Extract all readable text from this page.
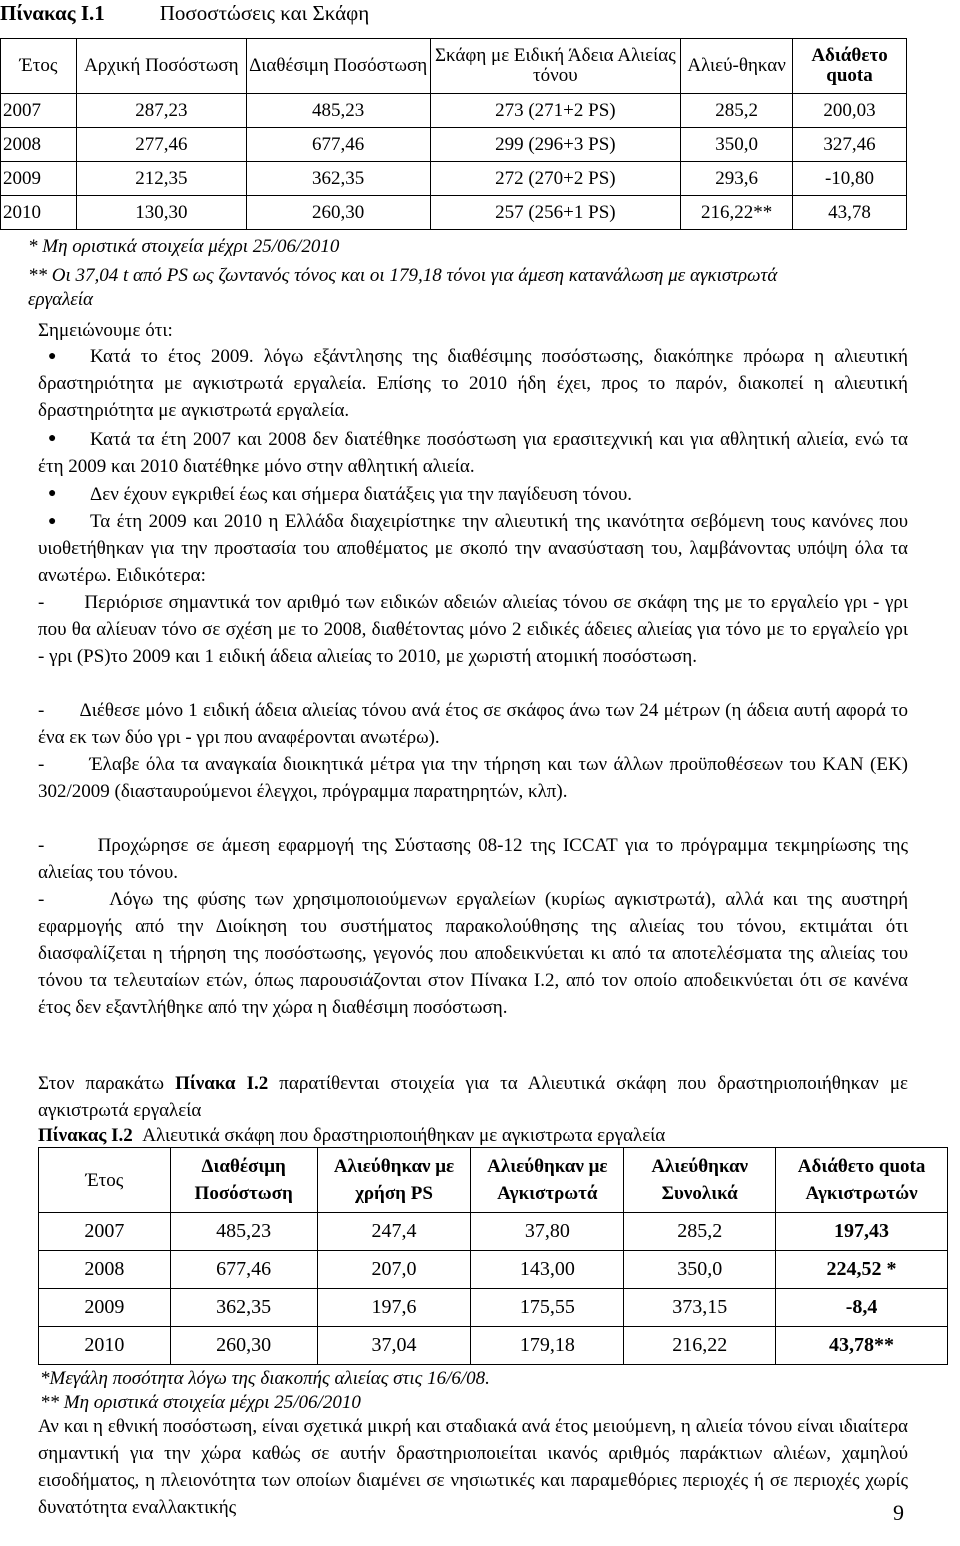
Πίνακας Ι.1	Ποσοστώσεις και Σκάφη
Έτος	Αρχική Ποσόστωση	Διαθέσιμη Ποσόστωση	Σκάφη με Ειδική Άδεια Αλιείας τόνου	Αλιεύ-θηκαν	Αδιάθετο quota
2007	287,23	485,23	273 (271+2 PS)	285,2	200,03
2008	277,46	677,46	299 (296+3 PS)	350,0	327,46
2009	212,35	362,35	272 (270+2 PS)	293,6	-10,80
2010	130,30	260,30	257 (256+1 PS)	216,22**	43,78
* Μη οριστικά στοιχεία μέχρι 25/06/2010
** Οι 37,04 t από PS ως ζωντανός τόνος και οι 179,18 τόνοι για άμεση κατανάλωση με αγκιστρωτά εργαλεία
Σημειώνουμε ότι:
●	Κατά το έτος 2009. λόγω εξάντλησης της διαθέσιμης ποσόστωσης, διακόπηκε πρόωρα η αλιευτική δραστηριότητα με αγκιστρωτά εργαλεία. Επίσης το 2010 ήδη έχει, προς το παρόν, διακοπεί η αλιευτική δραστηριότητα με αγκιστρωτά εργαλεία.
●	Κατά τα έτη 2007 και 2008 δεν διατέθηκε ποσόστωση για ερασιτεχνική και για αθλητική αλιεία, ενώ τα έτη 2009 και 2010 διατέθηκε μόνο στην αθλητική αλιεία.
●	Δεν έχουν εγκριθεί έως και σήμερα διατάξεις για την παγίδευση τόνου.
●	Τα έτη 2009 και 2010 η Ελλάδα διαχειρίστηκε την αλιευτική της ικανότητα σεβόμενη τους κανόνες που υιοθετήθηκαν για την προστασία του αποθέματος με σκοπό την ανασύσταση του, λαμβάνοντας υπόψη όλα τα ανωτέρω. Ειδικότερα:
-       Περιόρισε σημαντικά τον αριθμό των ειδικών αδειών αλιείας τόνου σε σκάφη της με το εργαλείο γρι - γρι που θα αλίευαν τόνο σε σχέση με το 2008, διαθέτοντας μόνο 2 ειδικές άδειες αλιείας για τόνο με το εργαλείο γρι - γρι (PS)το 2009 και 1 ειδική άδεια αλιείας το 2010, με χωριστή ατομική ποσόστωση.
-       Διέθεσε μόνο 1 ειδική άδεια αλιείας τόνου ανά έτος σε σκάφος άνω των 24 μέτρων (η άδεια αυτή αφορά το ένα εκ των δύο γρι - γρι που αναφέρονται ανωτέρω).
-       Έλαβε όλα τα αναγκαία διοικητικά μέτρα για την τήρηση και των άλλων προϋποθέσεων του ΚΑΝ (ΕΚ) 302/2009 (διασταυρούμενοι έλεγχοι, πρόγραμμα παρατηρητών, κλπ).
-       Προχώρησε σε άμεση εφαρμογή της Σύστασης 08-12 της ICCAT για το πρόγραμμα τεκμηρίωσης της αλιείας του τόνου.
-       Λόγω της φύσης των χρησιμοποιούμενων εργαλείων (κυρίως αγκιστρωτά), αλλά και της αυστηρή εφαρμογής από την Διοίκηση του συστήματος παρακολούθησης της αλιείας του τόνου, εκτιμάται ότι διασφαλίζεται η τήρηση της ποσόστωσης, γεγονός που αποδεικνύεται κι από τα αποτελέσματα της αλιείας του τόνου τα τελευταίων ετών, όπως παρουσιάζονται στον Πίνακα Ι.2, από τον οποίο αποδεικνύεται ότι σε κανένα έτος δεν εξαντλήθηκε από την χώρα η διαθέσιμη ποσόστωση.
Στον παρακάτω Πίνακα Ι.2 παρατίθενται στοιχεία για τα Αλιευτικά σκάφη που δραστηριοποιήθηκαν με αγκιστρωτά εργαλεία
Πίνακας Ι.2 Αλιευτικά σκάφη που δραστηριοποιήθηκαν με αγκιστρωτα εργαλεία
Έτος	Διαθέσιμη Ποσόστωση	Αλιεύθηκαν με χρήση PS	Αλιεύθηκαν με Αγκιστρωτά	Αλιεύθηκαν Συνολικά	Αδιάθετο quota Αγκιστρωτών
2007	485,23	247,4	37,80	285,2	197,43
2008	677,46	207,0	143,00	350,0	224,52 *
2009	362,35	197,6	175,55	373,15	-8,4
2010	260,30	37,04	179,18	216,22	43,78**
*Μεγάλη ποσότητα λόγω της διακοπής αλιείας στις 16/6/08.
** Μη οριστικά στοιχεία μέχρι 25/06/2010
Αν και η εθνική ποσόστωση, είναι σχετικά μικρή και σταδιακά ανά έτος μειούμενη, η αλιεία τόνου είναι ιδιαίτερα σημαντική για την χώρα καθώς σε αυτήν δραστηριοποιείται ικανός αριθμός παράκτιων αλιέων, χαμηλού εισοδήματος, η πλειονότητα των οποίων διαμένει σε νησιωτικές και παραμεθόριες περιοχές ή σε περιοχές χωρίς δυνατότητα εναλλακτικής	9
